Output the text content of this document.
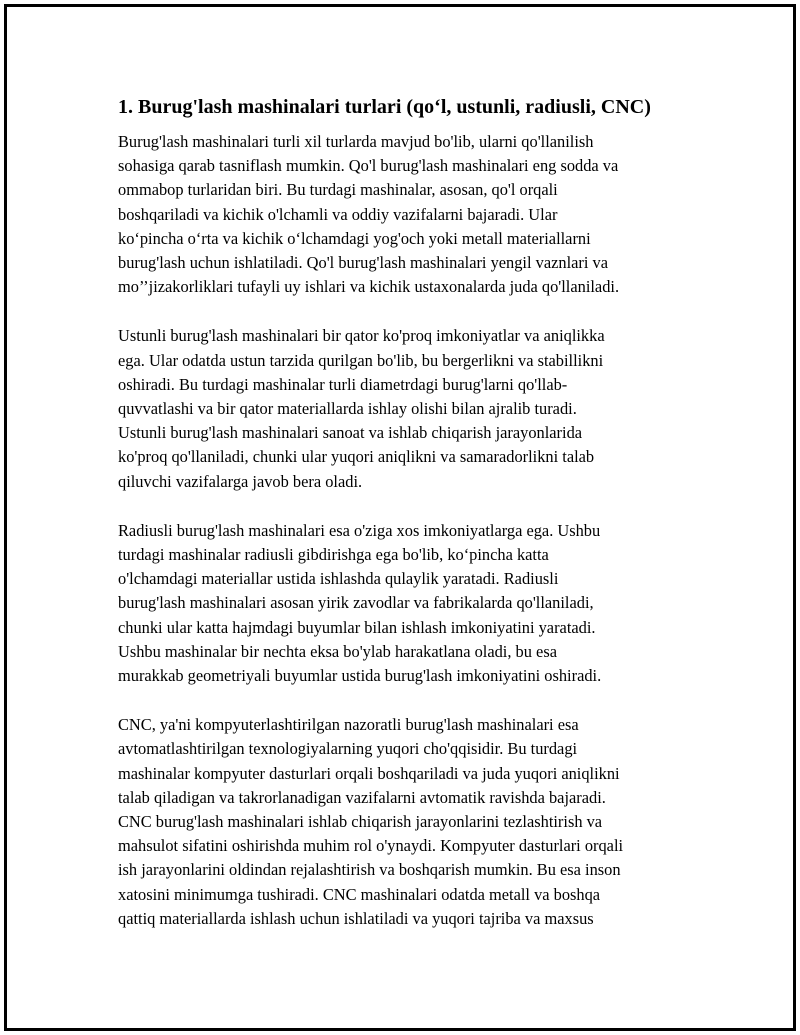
1. Burug'lash mashinalari turlari (qo‘l, ustunli, radiusli, CNC)
Burug'lash mashinalari turli xil turlarda mavjud bo'lib, ularni qo'llanilish
sohasiga qarab tasniflash mumkin. Qo'l burug'lash mashinalari eng sodda va
ommabop turlaridan biri. Bu turdagi mashinalar, asosan, qo'l orqali
boshqariladi va kichik o'lchamli va oddiy vazifalarni bajaradi. Ular
ko‘pincha o‘rta va kichik o‘lchamdagi yog'och yoki metall materiallarni
burug'lash uchun ishlatiladi. Qo'l burug'lash mashinalari yengil vaznlari va
mo’’jizakorliklari tufayli uy ishlari va kichik ustaxonalarda juda qo'llaniladi.
Ustunli burug'lash mashinalari bir qator ko'proq imkoniyatlar va aniqlikka
ega. Ular odatda ustun tarzida qurilgan bo'lib, bu bergerlikni va stabillikni
oshiradi. Bu turdagi mashinalar turli diametrdagi burug'larni qo'llab-
quvvatlashi va bir qator materiallarda ishlay olishi bilan ajralib turadi.
Ustunli burug'lash mashinalari sanoat va ishlab chiqarish jarayonlarida
ko'proq qo'llaniladi, chunki ular yuqori aniqlikni va samaradorlikni talab
qiluvchi vazifalarga javob bera oladi.
Radiusli burug'lash mashinalari esa o'ziga xos imkoniyatlarga ega. Ushbu
turdagi mashinalar radiusli gibdirishga ega bo'lib, ko‘pincha katta
o'lchamdagi materiallar ustida ishlashda qulaylik yaratadi. Radiusli
burug'lash mashinalari asosan yirik zavodlar va fabrikalarda qo'llaniladi,
chunki ular katta hajmdagi buyumlar bilan ishlash imkoniyatini yaratadi.
Ushbu mashinalar bir nechta eksa bo'ylab harakatlana oladi, bu esa
murakkab geometriyali buyumlar ustida burug'lash imkoniyatini oshiradi.
CNC, ya'ni kompyuterlashtirilgan nazoratli burug'lash mashinalari esa
avtomatlashtirilgan texnologiyalarning yuqori cho'qqisidir. Bu turdagi
mashinalar kompyuter dasturlari orqali boshqariladi va juda yuqori aniqlikni
talab qiladigan va takrorlanadigan vazifalarni avtomatik ravishda bajaradi.
CNC burug'lash mashinalari ishlab chiqarish jarayonlarini tezlashtirish va
mahsulot sifatini oshirishda muhim rol o'ynaydi. Kompyuter dasturlari orqali
ish jarayonlarini oldindan rejalashtirish va boshqarish mumkin. Bu esa inson
xatosini minimumga tushiradi. CNC mashinalari odatda metall va boshqa
qattiq materiallarda ishlash uchun ishlatiladi va yuqori tajriba va maxsus
